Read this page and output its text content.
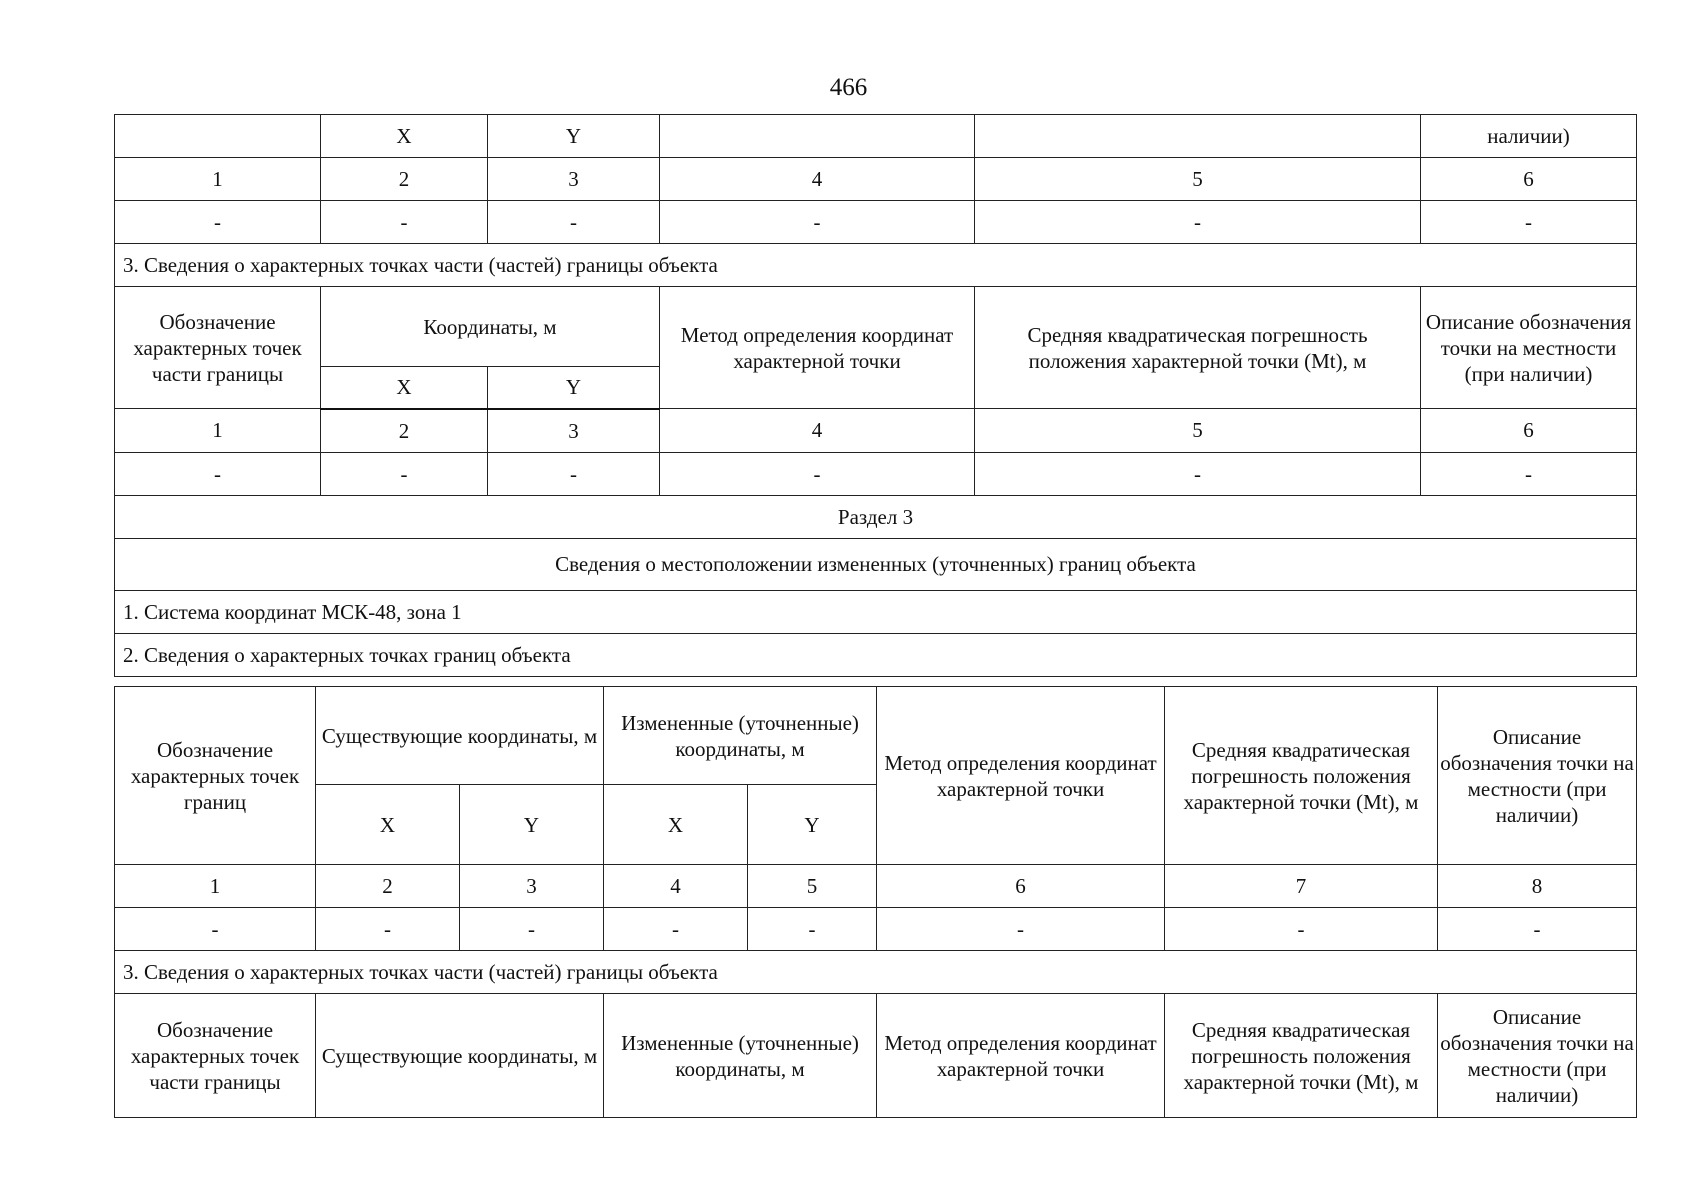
466
	X	Y			наличии)
1	2	3	4	5	6
-	-	-	-	-	-
3. Сведения о характерных точках части (частей) границы объекта					
Обозначение характерных точек части границы	Координаты, м		Метод определения координат характерной точки	Средняя квадратическая погрешность положения характерной точки (Mt), м	Описание обозначения точки на местности (при наличии)
	X	Y			
1	2	3	4	5	6
-	-	-	-	-	-
Раздел 3					
Сведения о местоположении измененных (уточненных) границ объекта					
1. Система координат МСК-48, зона 1					
2. Сведения о характерных точках границ объекта					
Обозначение характерных точек границ	Существующие координаты, м		Измененные (уточненные) координаты, м		Метод определения координат характерной точки	Средняя квадратическая погрешность положения характерной точки (Mt), м	Описание обозначения точки на местности (при наличии)
	X	Y	X	Y			
1	2	3	4	5	6	7	8
-	-	-	-	-	-	-	-
3. Сведения о характерных точках части (частей) границы объекта							
Обозначение характерных точек части границы	Существующие координаты, м		Измененные (уточненные) координаты, м		Метод определения координат характерной точки	Средняя квадратическая погрешность положения характерной точки (Mt), м	Описание обозначения точки на местности (при наличии)
